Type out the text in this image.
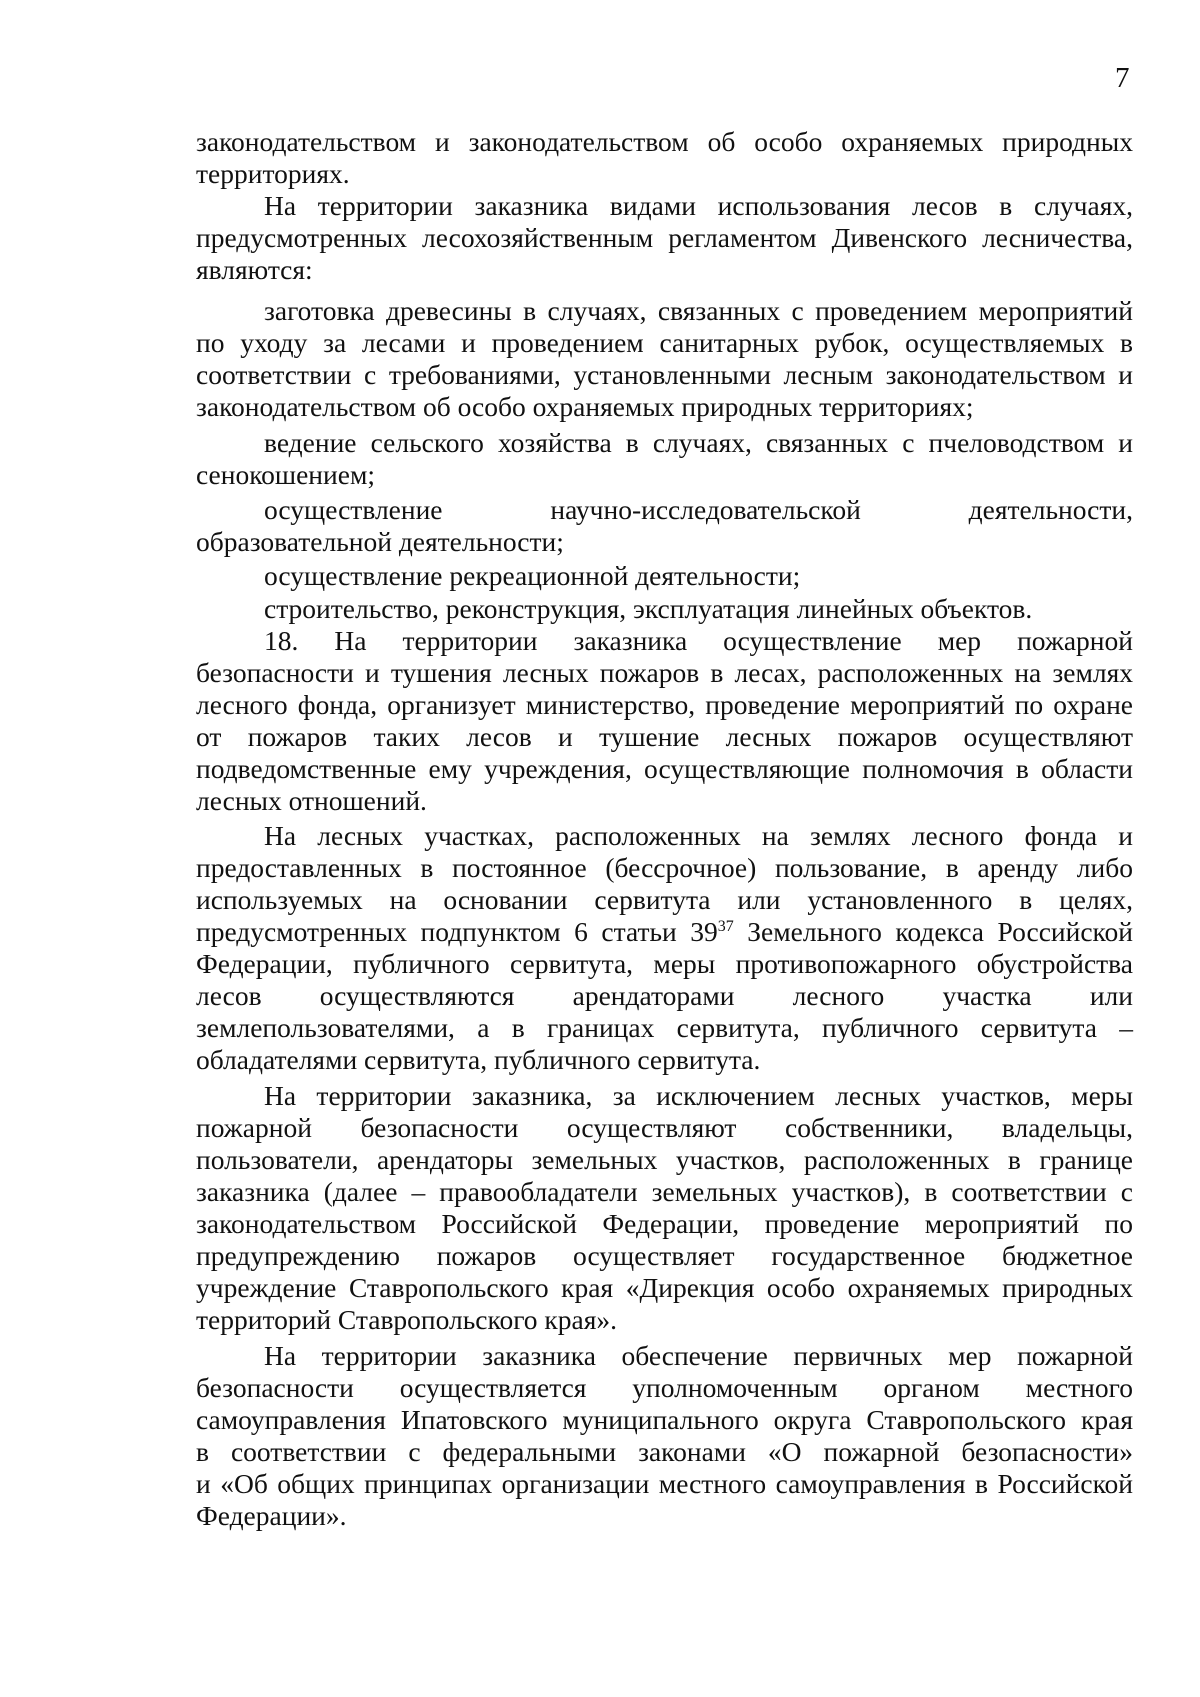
7
законодательством и законодательством об особо охраняемых природных
территориях.
На территории заказника видами использования лесов в случаях,
предусмотренных лесохозяйственным регламентом Дивенского лесничества,
являются:
заготовка древесины в случаях, связанных с проведением мероприятий
по уходу за лесами и проведением санитарных рубок, осуществляемых в
соответствии с требованиями, установленными лесным законодательством и
законодательством об особо охраняемых природных территориях;
ведение сельского хозяйства в случаях, связанных с пчеловодством и
сенокошением;
осуществление научно-исследовательской деятельности,
образовательной деятельности;
осуществление рекреационной деятельности;
строительство, реконструкция, эксплуатация линейных объектов.
18. На территории заказника осуществление мер пожарной
безопасности и тушения лесных пожаров в лесах, расположенных на землях
лесного фонда, организует министерство, проведение мероприятий по охране
от пожаров таких лесов и тушение лесных пожаров осуществляют
подведомственные ему учреждения, осуществляющие полномочия в области
лесных отношений.
На лесных участках, расположенных на землях лесного фонда и
предоставленных в постоянное (бессрочное) пользование, в аренду либо
используемых на основании сервитута или установленного в целях,
предусмотренных подпунктом 6 статьи $39^{37}$ Земельного кодекса Российской
Федерации, публичного сервитута, меры противопожарного обустройства
лесов осуществляются арендаторами лесного участка или
землепользователями, а в границах сервитута, публичного сервитута –
обладателями сервитута, публичного сервитута.
На территории заказника, за исключением лесных участков, меры
пожарной безопасности осуществляют собственники, владельцы,
пользователи, арендаторы земельных участков, расположенных в границе
заказника (далее – правообладатели земельных участков), в соответствии с
законодательством Российской Федерации, проведение мероприятий по
предупреждению пожаров осуществляет государственное бюджетное
учреждение Ставропольского края «Дирекция особо охраняемых природных
территорий Ставропольского края».
На территории заказника обеспечение первичных мер пожарной
безопасности осуществляется уполномоченным органом местного
самоуправления Ипатовского муниципального округа Ставропольского края
в соответствии с федеральными законами «О пожарной безопасности»
и «Об общих принципах организации местного самоуправления в Российской
Федерации».
